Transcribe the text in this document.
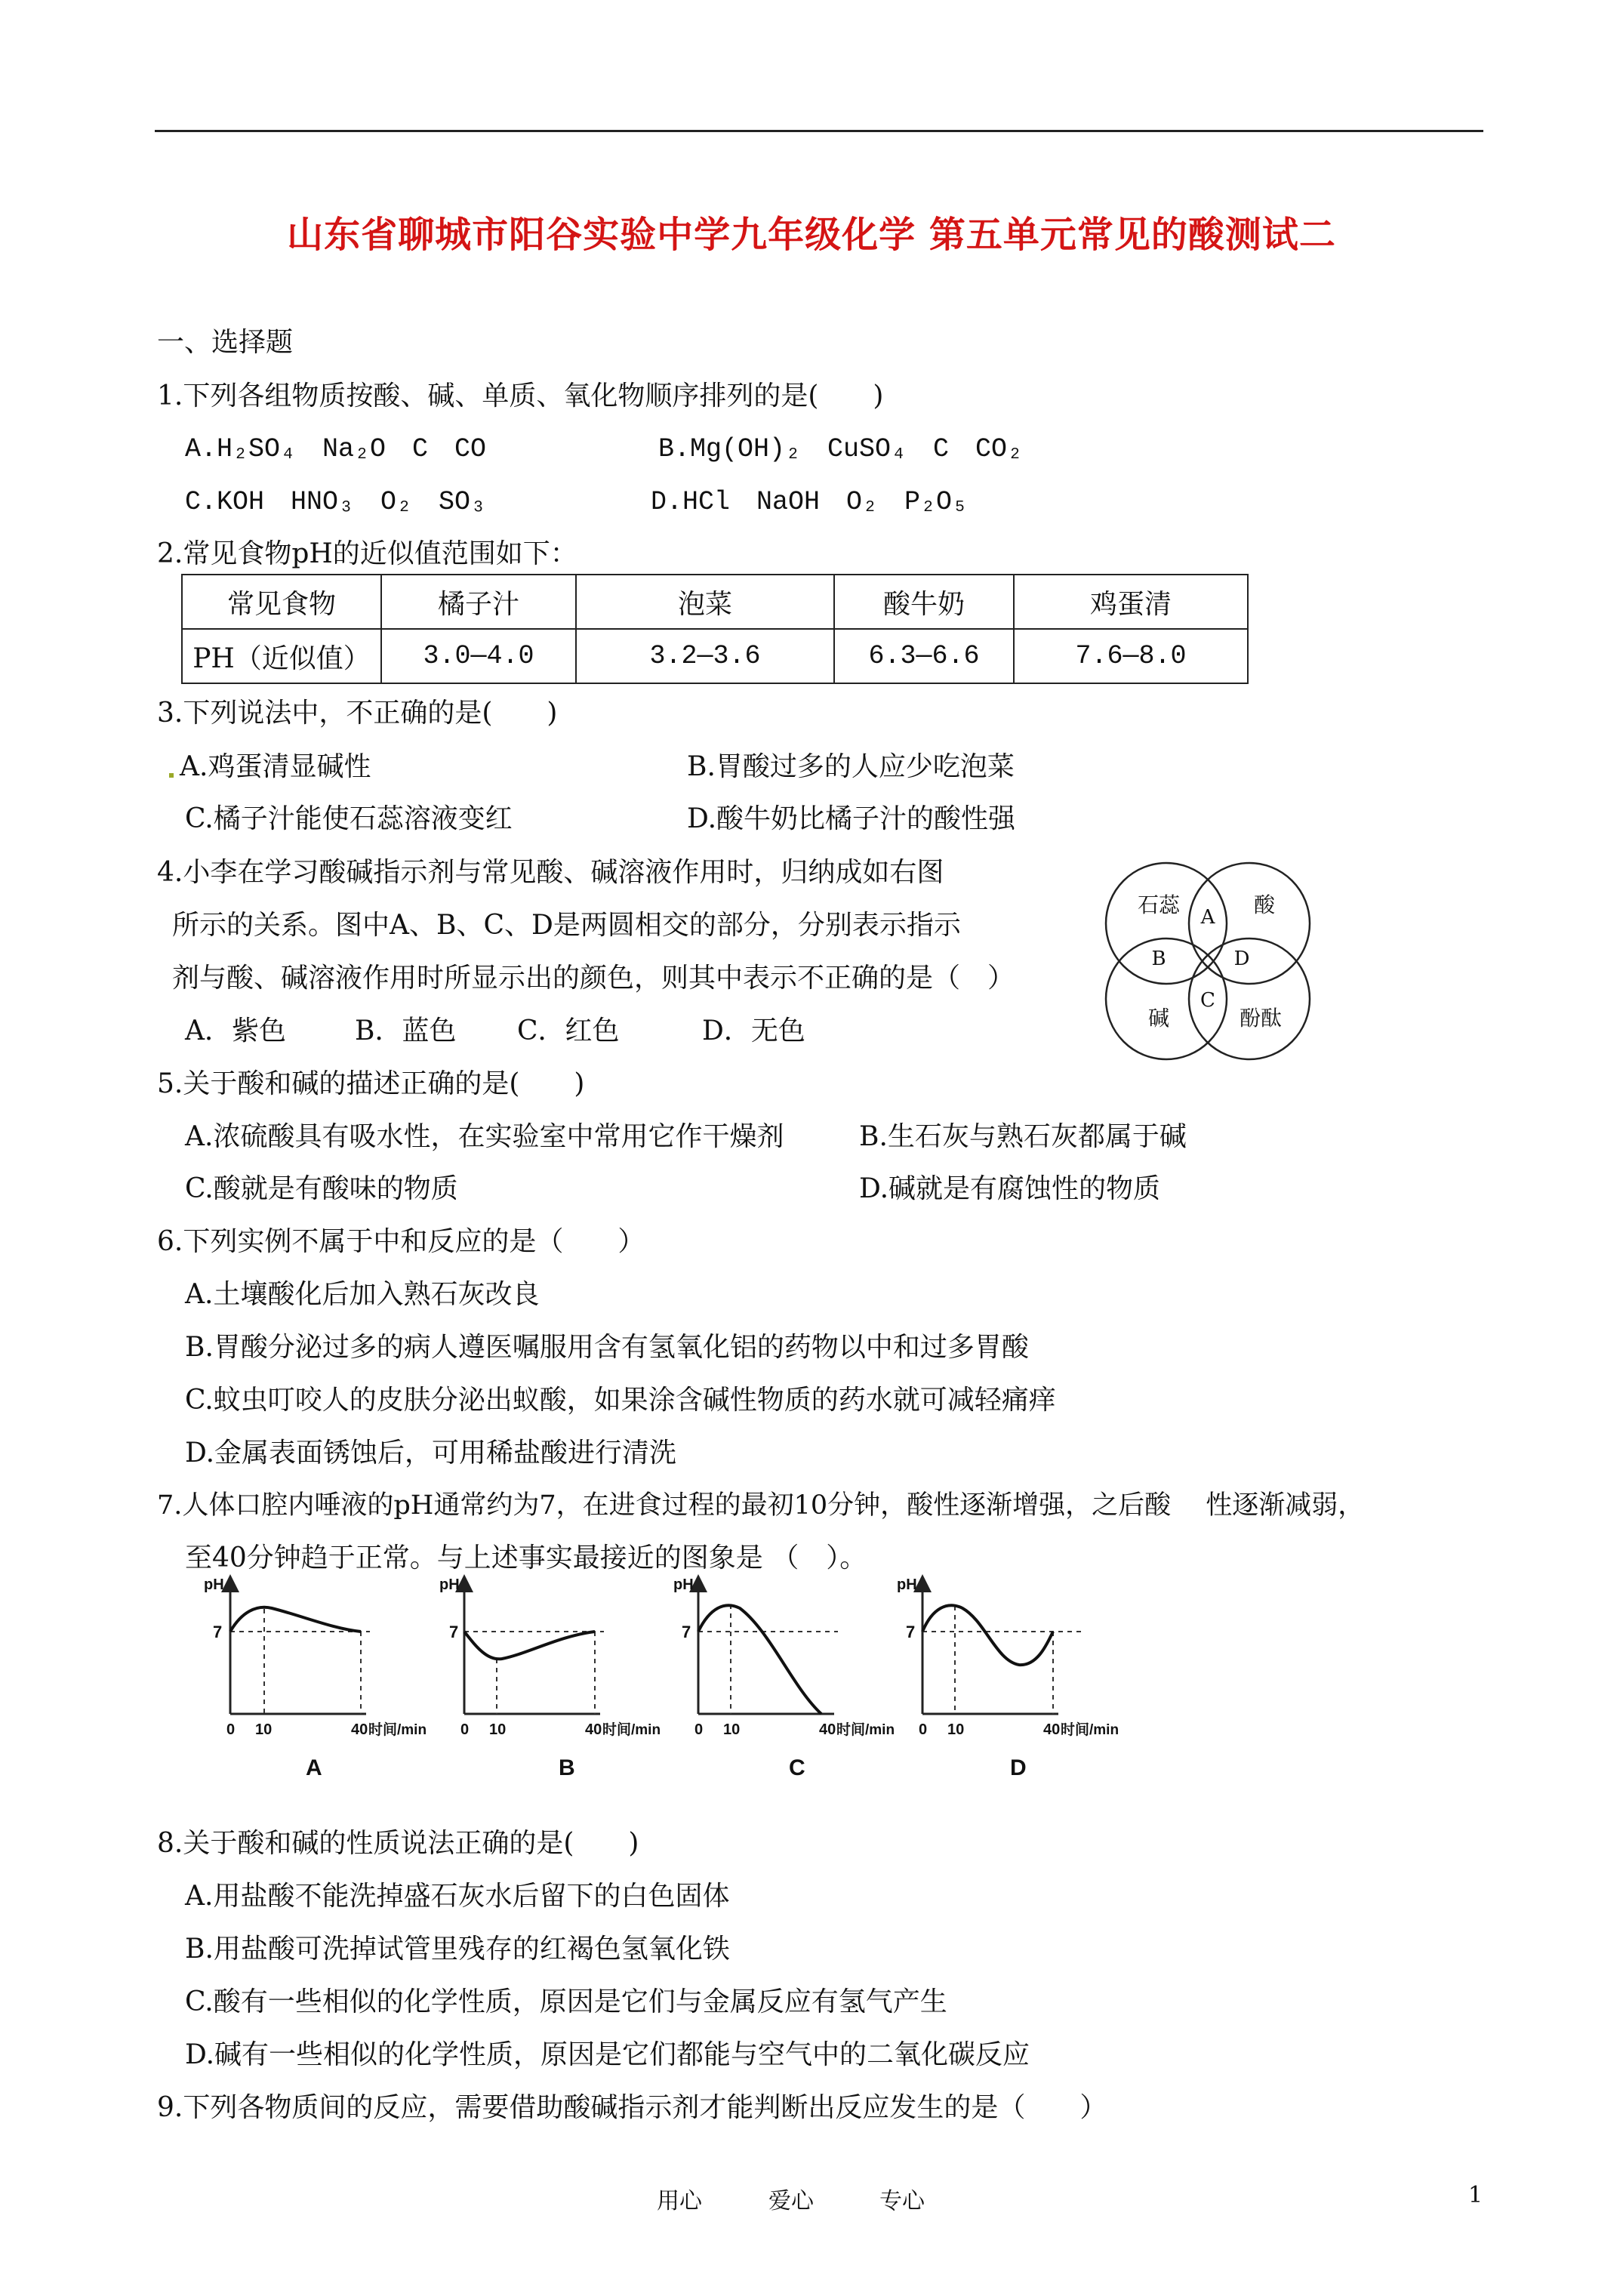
山东省聊城市阳谷实验中学九年级化学 第五单元常见的酸测试二
一、选择题
1.下列各组物质按酸、碱、单质、氧化物顺序排列的是(　　)
A.H₂SO₄　Na₂O　C　CO	B.Mg(OH)₂　CuSO₄　C　CO₂
C.KOH　HNO₃　O₂　SO₃	D.HCl　NaOH　O₂　P₂O₅
2.常见食物pH的近似值范围如下：
常见食物	橘子汁	泡菜	酸牛奶	鸡蛋清
PH（近似值）	3.0—4.0	3.2—3.6	6.3—6.6	7.6—8.0
3.下列说法中，不正确的是(　　)
A.鸡蛋清显碱性	B.胃酸过多的人应少吃泡菜
C.橘子汁能使石蕊溶液变红	D.酸牛奶比橘子汁的酸性强
4.小李在学习酸碱指示剂与常见酸、碱溶液作用时，归纳成如右图
所示的关系。图中A、B、C、D是两圆相交的部分，分别表示指示
剂与酸、碱溶液作用时所显示出的颜色，则其中表示不正确的是（　）
A．紫色	B．蓝色 C．红色	D．无色
石蕊	酸
碱	酚酞
A
B
C
D
5.关于酸和碱的描述正确的是(　　)
A.浓硫酸具有吸水性，在实验室中常用它作干燥剂	B.生石灰与熟石灰都属于碱
C.酸就是有酸味的物质	D.碱就是有腐蚀性的物质
6.下列实例不属于中和反应的是（　　）
A.土壤酸化后加入熟石灰改良
B.胃酸分泌过多的病人遵医嘱服用含有氢氧化铝的药物以中和过多胃酸
C.蚊虫叮咬人的皮肤分泌出蚁酸，如果涂含碱性物质的药水就可减轻痛痒
D.金属表面锈蚀后，可用稀盐酸进行清洗
7.人体口腔内唾液的pH通常约为7，在进食过程的最初10分钟，酸性逐渐增强，之后酸　 性逐渐减弱，
至40分钟趋于正常。与上述事实最接近的图象是 （　）。
pH
7
0 10	40 时间/min
A
pH
7
0 10	40 时间/min
B
pH
7
0 10	40 时间/min
C
pH
7
0 10	40 时间/min
D
8.关于酸和碱的性质说法正确的是(　　)
A.用盐酸不能洗掉盛石灰水后留下的白色固体
B.用盐酸可洗掉试管里残存的红褐色氢氧化铁
C.酸有一些相似的化学性质，原因是它们与金属反应有氢气产生
D.碱有一些相似的化学性质，原因是它们都能与空气中的二氧化碳反应
9.下列各物质间的反应，需要借助酸碱指示剂才能判断出反应发生的是（　　）
用心	爱心	专心	1
